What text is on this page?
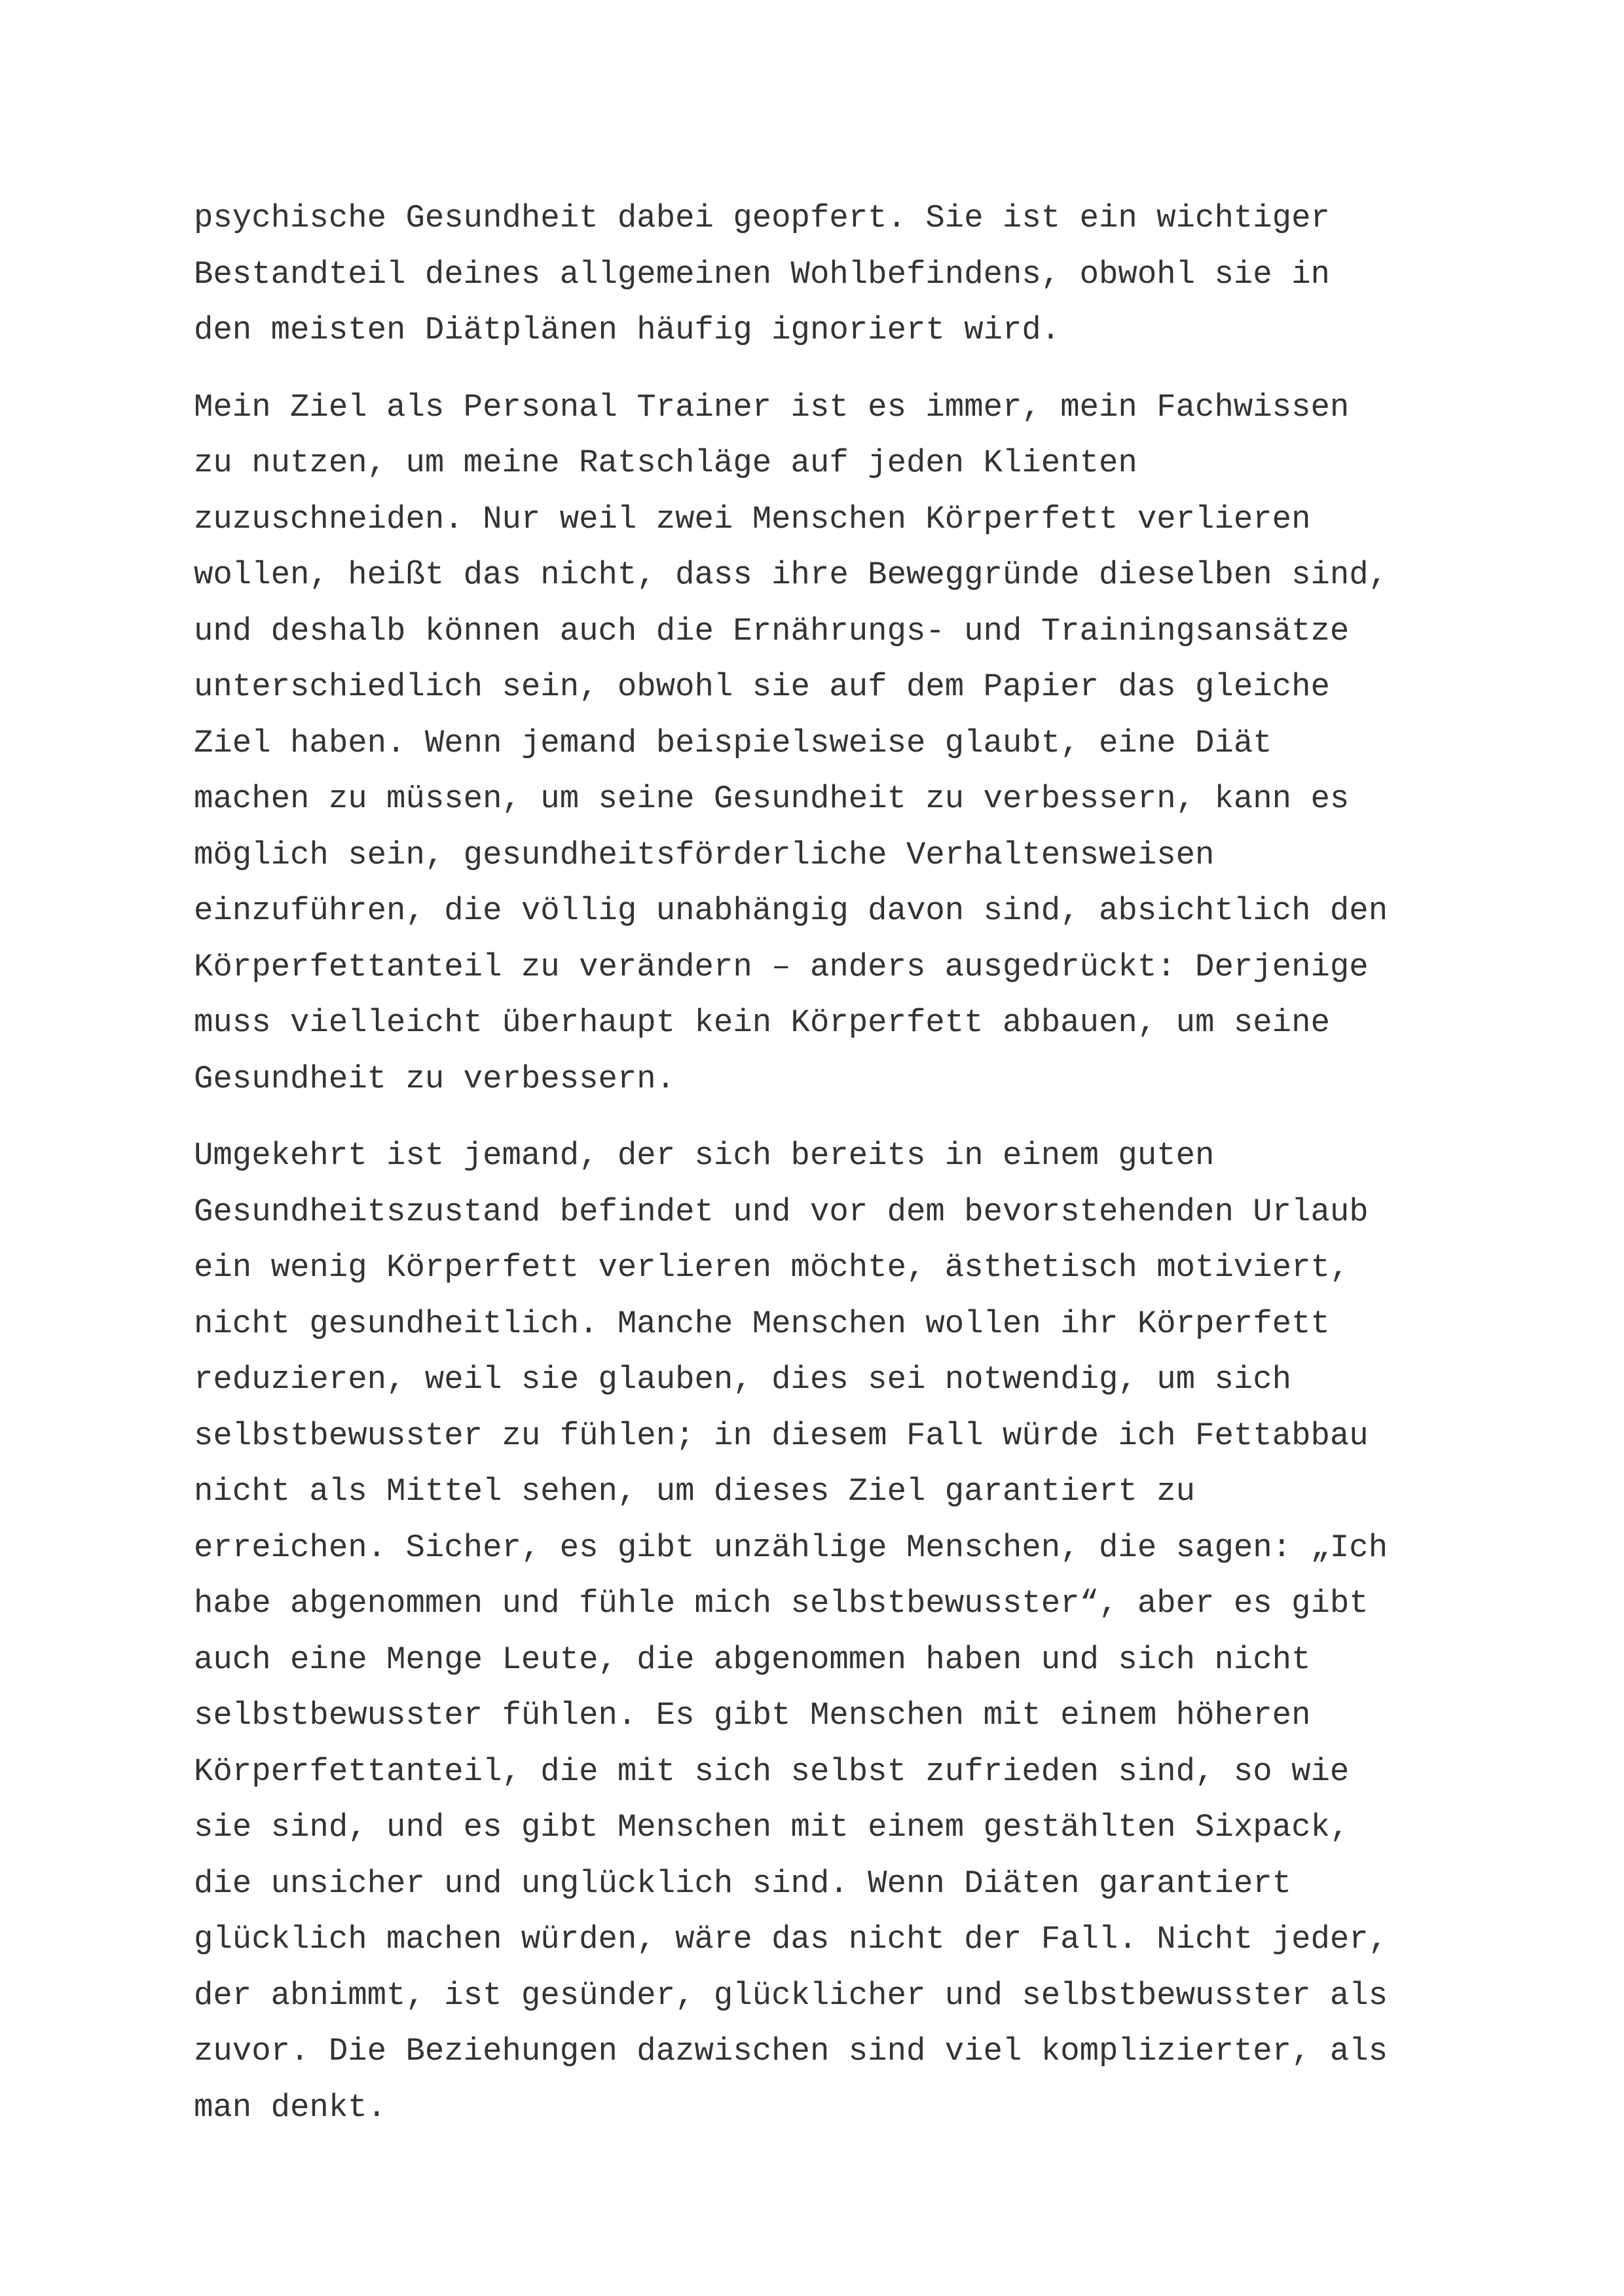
psychische Gesundheit dabei geopfert. Sie ist ein wichtiger
Bestandteil deines allgemeinen Wohlbefindens, obwohl sie in
den meisten Diätplänen häufig ignoriert wird.

Mein Ziel als Personal Trainer ist es immer, mein Fachwissen
zu nutzen, um meine Ratschläge auf jeden Klienten
zuzuschneiden. Nur weil zwei Menschen Körperfett verlieren
wollen, heißt das nicht, dass ihre Beweggründe dieselben sind,
und deshalb können auch die Ernährungs- und Trainingsansätze
unterschiedlich sein, obwohl sie auf dem Papier das gleiche
Ziel haben. Wenn jemand beispielsweise glaubt, eine Diät
machen zu müssen, um seine Gesundheit zu verbessern, kann es
möglich sein, gesundheitsförderliche Verhaltensweisen
einzuführen, die völlig unabhängig davon sind, absichtlich den
Körperfettanteil zu verändern – anders ausgedrückt: Derjenige
muss vielleicht überhaupt kein Körperfett abbauen, um seine
Gesundheit zu verbessern.

Umgekehrt ist jemand, der sich bereits in einem guten
Gesundheitszustand befindet und vor dem bevorstehenden Urlaub
ein wenig Körperfett verlieren möchte, ästhetisch motiviert,
nicht gesundheitlich. Manche Menschen wollen ihr Körperfett
reduzieren, weil sie glauben, dies sei notwendig, um sich
selbstbewusster zu fühlen; in diesem Fall würde ich Fettabbau
nicht als Mittel sehen, um dieses Ziel garantiert zu
erreichen. Sicher, es gibt unzählige Menschen, die sagen: „Ich
habe abgenommen und fühle mich selbstbewusster“, aber es gibt
auch eine Menge Leute, die abgenommen haben und sich nicht
selbstbewusster fühlen. Es gibt Menschen mit einem höheren
Körperfettanteil, die mit sich selbst zufrieden sind, so wie
sie sind, und es gibt Menschen mit einem gestählten Sixpack,
die unsicher und unglücklich sind. Wenn Diäten garantiert
glücklich machen würden, wäre das nicht der Fall. Nicht jeder,
der abnimmt, ist gesünder, glücklicher und selbstbewusster als
zuvor. Die Beziehungen dazwischen sind viel komplizierter, als
man denkt.
